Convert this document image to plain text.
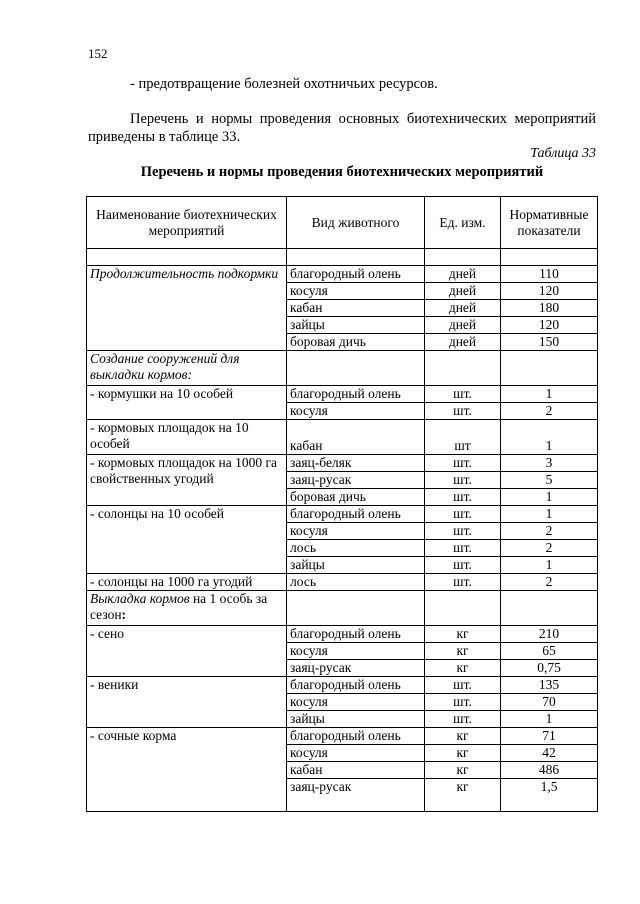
152
- предотвращение болезней охотничьих ресурсов.
Перечень и нормы проведения основных биотехнических мероприятий приведены в таблице 33.
Таблица 33
Перечень и нормы проведения биотехнических мероприятий
Наименование биотехнических мероприятий	Вид животного	Ед. изм.	Нормативные показатели

Продолжительность подкормки	благородный олень	дней	110
	косуля	дней	120
	кабан	дней	180
	зайцы	дней	120
	боровая дичь	дней	150
Создание сооружений для выкладки кормов:			
- кормушки на 10 особей	благородный олень	шт.	1
	косуля	шт.	2
- кормовых площадок на 10 особей	кабан	шт	1
- кормовых площадок на 1000 га свойственных угодий	заяц-беляк	шт.	3
	заяц-русак	шт.	5
	боровая дичь	шт.	1
- солонцы на 10 особей	благородный олень	шт.	1
	косуля	шт.	2
	лось	шт.	2
	зайцы	шт.	1
- солонцы на 1000 га угодий	лось	шт.	2
Выкладка кормов на 1 особь за сезон:			
- сено	благородный олень	кг	210
	косуля	кг	65
	заяц-русак	кг	0,75
- веники	благородный олень	шт.	135
	косуля	шт.	70
	зайцы	шт.	1
- сочные корма	благородный олень	кг	71
	косуля	кг	42
	кабан	кг	486
	заяц-русак	кг	1,5
